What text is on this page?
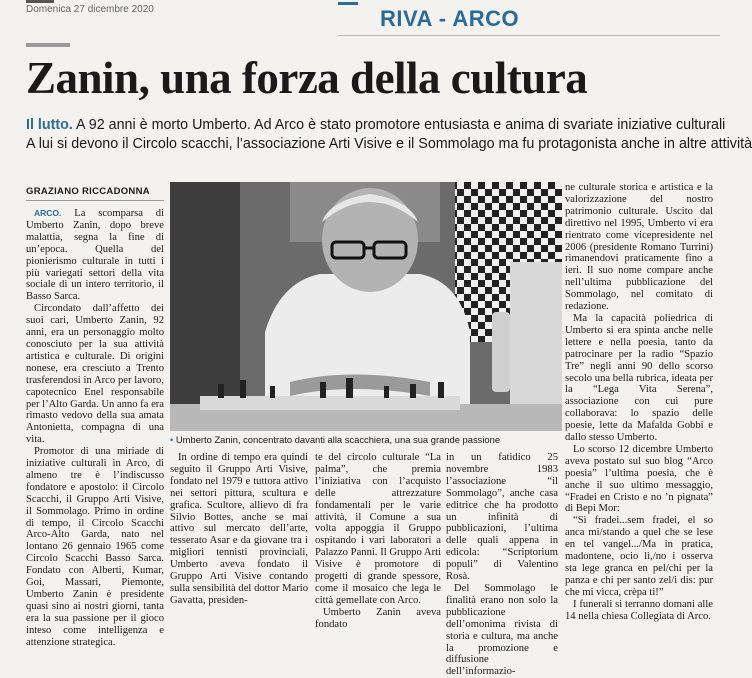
Domenica 27 dicembre 2020	RIVA - ARCO
Zanin, una forza della cultura

Il lutto. A 92 anni è morto Umberto. Ad Arco è stato promotore entusiasta e anima di svariate iniziative culturali

A lui si devono il Circolo scacchi, l’associazione Arti Visive e il Sommolago ma fu protagonista anche in altre attività

GRAZIANO RICCADONNA

ARCO. La scomparsa di Umberto Zanin, dopo breve malattia, segna la fine di un’epoca. Quella del pionierismo culturale in tutti i più variegati settori della vita sociale di un intero territorio, il Basso Sarca.

Circondato dall’affetto dei suoi cari, Umberto Zanin, 92 anni, era un personaggio molto conosciuto per la sua attività artistica e culturale. Di origini nonese, era cresciuto a Trento trasferendosi in Arco per lavoro, capotecnico Enel responsabile per l’Alto Garda. Un anno fa era rimasto vedovo della sua amata Antonietta, compagna di una vita.

Promotor di una miriade di iniziative culturali in Arco, di almeno tre è l’indiscusso fondatore e apostolo: il Circolo Scacchi, il Gruppo Arti Visive, il Sommolago. Primo in ordine di tempo, il Circolo Scacchi Arco-Alto Garda, nato nel lontano 26 gennaio 1965 come Circolo Scacchi Basso Sarca. Fondato con Alberti, Kumar, Goi, Massari, Piemonte, Umberto Zanin è presidente quasi sino ai nostri giorni, tanta era la sua passione per il gioco inteso come intelligenza e attenzione strategica.

• Umberto Zanin, concentrato davanti alla scacchiera, una sua grande passione

In ordine di tempo era quindi seguito il Gruppo Arti Visive, fondato nel 1979 e tuttora attivo nei settori pittura, scultura e grafica. Scultore, allievo di fra Silvio Bottes, anche se mai attivo sul mercato dell’arte, tesserato Asar e da giovane tra i migliori tennisti provinciali, Umberto aveva fondato il Gruppo Arti Visive contando sulla sensibilità del dottor Mario Gavatta, presiden-

te del circolo culturale “La palma”, che premia l’iniziativa con l’acquisto delle attrezzature fondamentali per le varie attività, il Comune a sua volta appoggia il Gruppo ospitando i vari laboratori a Palazzo Panni. Il Gruppo Arti Visive è promotore di progetti di grande spessore, come il mosaico che lega le città gemellate con Arco.

Umberto Zanin aveva fondato

in un fatidico 25 novembre 1983 l’associazione “il Sommolago”, anche casa editrice che ha prodotto un infinità di pubblicazioni, l’ultima delle quali appena in edicola: “Scriptorium populi” di Valentino Rosà.

Del Sommolago le finalità erano non solo la pubblicazione dell’omonima rivista di storia e cultura, ma anche la promozione e diffusione dell’informazio-

ne culturale storica e artistica e la valorizzazione del nostro patrimonio culturale. Uscito dal direttivo nel 1995, Umberto vi era rientrato come vicepresidente nel 2006 (presidente Romano Turrini) rimanendovi praticamente fino a ieri. Il suo nome compare anche nell’ultima pubblicazione del Sommolago, nel comitato di redazione.

Ma la capacità poliedrica di Umberto si era spinta anche nelle lettere e nella poesia, tanto da patrocinare per la radio “Spazio Tre” negli anni 90 dello scorso secolo una bella rubrica, ideata per la “Lega Vita Serena”, associazione con cui pure collaborava: lo spazio delle poesie, lette da Mafalda Gobbi e dallo stesso Umberto.

Lo scorso 12 dicembre Umberto aveva postato sul suo blog “Arco poesia” l’ultima poesia, che è anche il suo ultimo messaggio, “Fradei en Cristo e no ’n pignata” di Bepi Mor:

“Sì fradei...sem fradei, el so anca mi/stando a quel che se lese en tel vangel.../Ma in pratica, madontene, ocio lì,/no i osserva sta lege granca en pel/chi per la panza e chi per santo zel/i dis: pur che mi vìcca, crèpa ti!”

I funerali si terranno domani alle 14 nella chiesa Collegiata di Arco.
